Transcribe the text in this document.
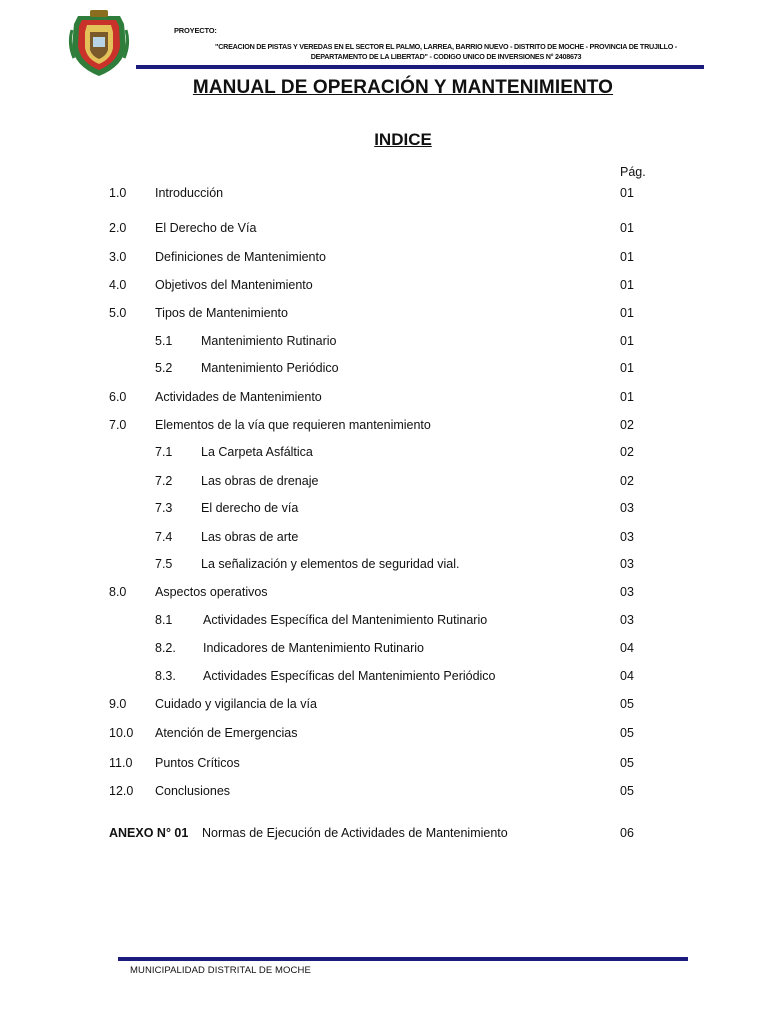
PROYECTO:
"CREACION DE PISTAS Y VEREDAS EN EL SECTOR EL PALMO, LARREA, BARRIO NUEVO - DISTRITO DE MOCHE - PROVINCIA DE TRUJILLO -
DEPARTAMENTO DE LA LIBERTAD" - CODIGO UNICO DE INVERSIONES N° 2408673
MANUAL DE OPERACIÓN Y MANTENIMIENTO
INDICE
Pág.
1.0 Introducción	01
2.0 El Derecho de Vía	01
3.0 Definiciones de Mantenimiento	01
4.0 Objetivos del Mantenimiento	01
5.0 Tipos de Mantenimiento	01
5.1 Mantenimiento Rutinario	01
5.2 Mantenimiento Periódico	01
6.0 Actividades de Mantenimiento	01
7.0 Elementos de la vía que requieren mantenimiento	02
7.1 La Carpeta Asfáltica	02
7.2 Las obras de drenaje	02
7.3 El derecho de vía	03
7.4 Las obras de arte	03
7.5 La señalización y elementos de seguridad vial.	03
8.0 Aspectos operativos	03
8.1 Actividades Específica del Mantenimiento Rutinario	03
8.2. Indicadores de Mantenimiento Rutinario	04
8.3. Actividades Específicas del Mantenimiento Periódico	04
9.0 Cuidado y vigilancia de la vía	05
10.0 Atención de Emergencias	05
11.0 Puntos Críticos	05
12.0 Conclusiones	05
ANEXO N° 01 Normas de Ejecución de Actividades de Mantenimiento	06
MUNICIPALIDAD DISTRITAL DE MOCHE
